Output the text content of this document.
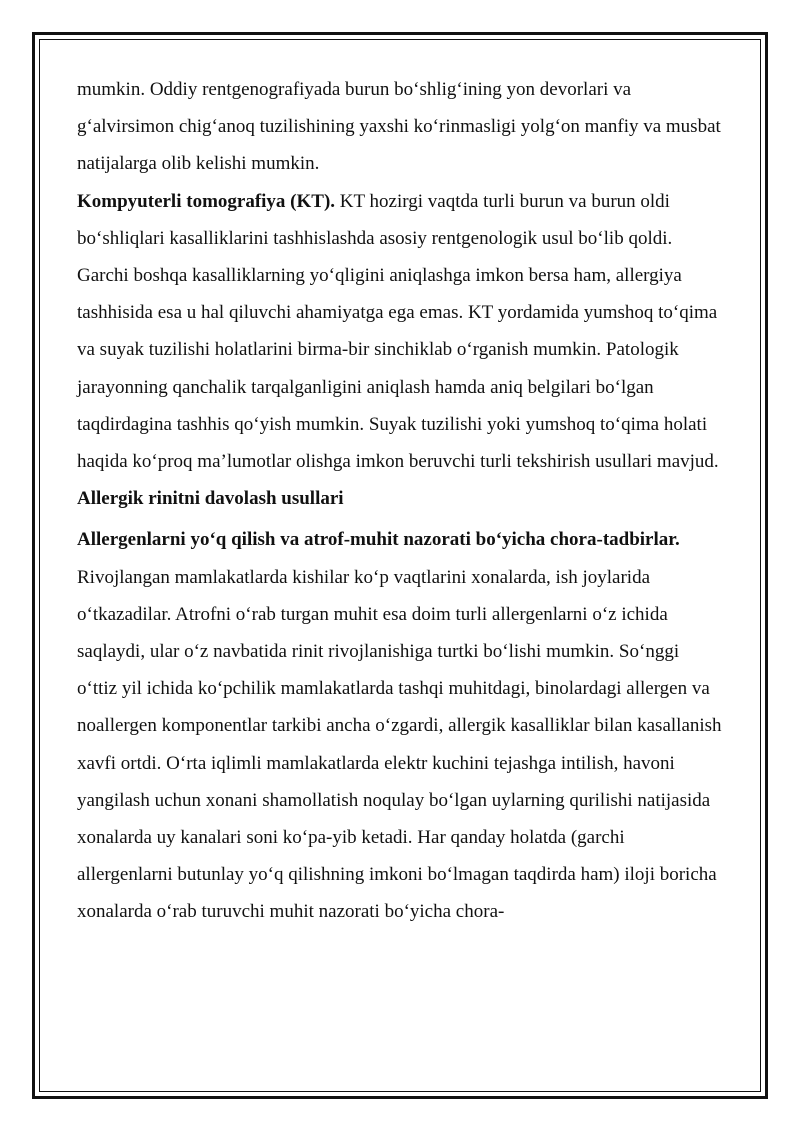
mumkin. Oddiy rentgenografiyada burun bo‘shlig‘ining yon devorlari va g‘alvirsimon chig‘anoq tuzilishining yaxshi ko‘rinmasligi yolg‘on manfiy va musbat natijalarga olib kelishi mumkin.

Kompyuterli tomografiya (KT). KT hozirgi vaqtda turli burun va burun oldi bo‘shliqlari kasalliklarini tashhislashda asosiy rentgenologik usul bo‘lib qoldi. Garchi boshqa kasalliklarning yo‘qligini aniqlashga imkon bersa ham, allergiya tashhisida esa u hal qiluvchi ahamiyatga ega emas. KT yordamida yumshoq to‘qima va suyak tuzilishi holatlarini birma-bir sinchiklab o‘rganish mumkin. Patologik jarayonning qanchalik tarqalganligini aniqlash hamda aniq belgilari bo‘lgan taqdirdagina tashhis qo‘yish mumkin. Suyak tuzilishi yoki yumshoq to‘qima holati haqida ko‘proq ma’lumotlar olishga imkon beruvchi turli tekshirish usullari mavjud.

Allergik rinitni davolash usullari

Allergenlarni yo‘q qilish va atrof-muhit nazorati bo‘yicha chora-tadbirlar. Rivojlangan mamlakatlarda kishilar ko‘p vaqtlarini xonalarda, ish joylarida o‘tkazadilar. Atrofni o‘rab turgan muhit esa doim turli allergenlarni o‘z ichida saqlaydi, ular o‘z navbatida rinit rivojlanishiga turtki bo‘lishi mumkin. So‘nggi o‘ttiz yil ichida ko‘pchilik mamlakatlarda tashqi muhitdagi, binolardagi allergen va noallergen komponentlar tarkibi ancha o‘zgardi, allergik kasalliklar bilan kasallanish xavfi ortdi. O‘rta iqlimli mamlakatlarda elektr kuchini tejashga intilish, havoni yangilash uchun xonani shamollatish noqulay bo‘lgan uylarning qurilishi natijasida xonalarda uy kanalari soni ko‘pa-yib ketadi. Har qanday holatda (garchi allergenlarni butunlay yo‘q qilishning imkoni bo‘lmagan taqdirda ham) iloji boricha xonalarda o‘rab turuvchi muhit nazorati bo‘yicha chora-
